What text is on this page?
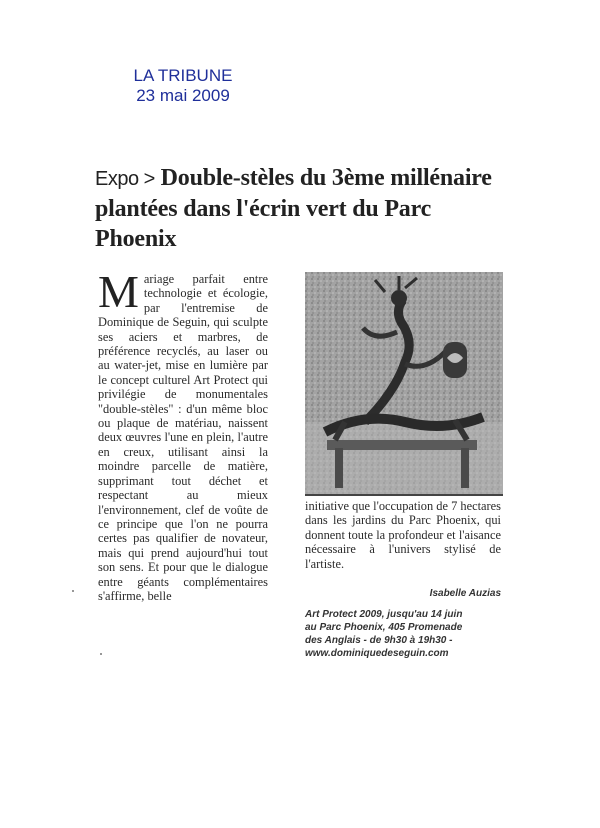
LA TRIBUNE
23 mai 2009
Expo > Double-stèles du 3ème millénaire plantées dans l'écrin vert du Parc Phoenix
M ariage parfait entre technologie et écologie, par l'entremise de Dominique de Seguin, qui sculpte ses aciers et marbres, de préférence recyclés, au laser ou au water-jet, mise en lumière par le concept culturel Art Protect qui privilégie de monumentales "double-stèles" : d'un même bloc ou plaque de matériau, naissent deux œuvres l'une en plein, l'autre en creux, utilisant ainsi la moindre parcelle de matière, supprimant tout déchet et respectant au mieux l'environnement, clef de voûte de ce principe que l'on ne pourra certes pas qualifier de novateur, mais qui prend aujourd'hui tout son sens. Et pour que le dialogue entre géants complémentaires s'affirme, belle

initiative que l'occupation de 7 hectares dans les jardins du Parc Phoenix, qui donnent toute la profondeur et l'aisance nécessaire à l'univers stylisé de l'artiste.

Isabelle Auzias
Art Protect 2009, jusqu'au 14 juin
au Parc Phoenix, 405 Promenade
des Anglais - de 9h30 à 19h30 -
www.dominiquedeseguin.com
